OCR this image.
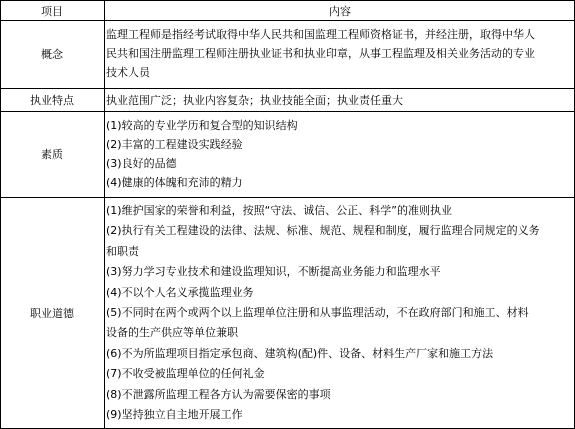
项目	内容
概念
监理工程师是指经考试取得中华人民共和国监理工程师资格证书，并经注册，取得中华人
民共和国注册监理工程师注册执业证书和执业印章，从事工程监理及相关业务活动的专业
技术人员
执业特点	执业范围广泛；执业内容复杂；执业技能全面；执业责任重大
素质
(1)较高的专业学历和复合型的知识结构
(2)丰富的工程建设实践经验
(3)良好的品德
(4)健康的体魄和充沛的精力
职业道德
(1)维护国家的荣誉和利益，按照“守法、诚信、公正、科学”的准则执业
(2)执行有关工程建设的法律、法规、标准、规范、规程和制度，履行监理合同规定的义务
和职责
(3)努力学习专业技术和建设监理知识，不断提高业务能力和监理水平
(4)不以个人名义承揽监理业务
(5)不同时在两个或两个以上监理单位注册和从事监理活动，不在政府部门和施工、材料
设备的生产供应等单位兼职
(6)不为所监理项目指定承包商、建筑构(配)件、设备、材料生产厂家和施工方法
(7)不收受被监理单位的任何礼金
(8)不泄露所监理工程各方认为需要保密的事项
(9)坚持独立自主地开展工作
